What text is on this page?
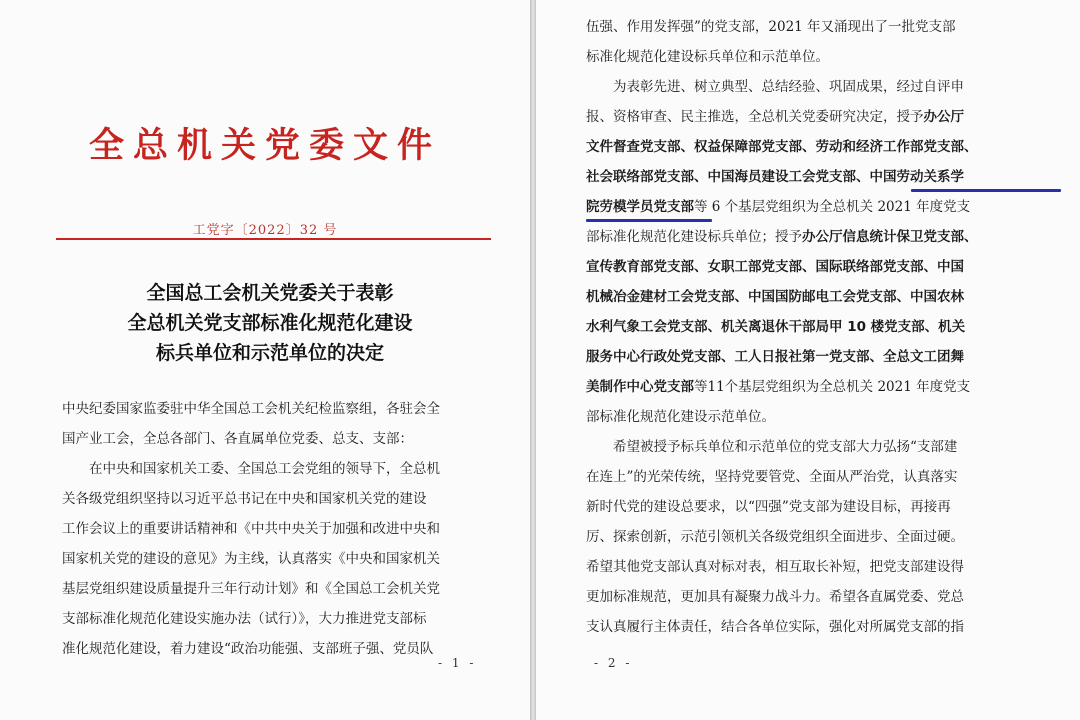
全总机关党委文件
工党字〔2022〕32 号
全国总工会机关党委关于表彰
全总机关党支部标准化规范化建设
标兵单位和示范单位的决定
中央纪委国家监委驻中华全国总工会机关纪检监察组，各驻会全
国产业工会，全总各部门、各直属单位党委、总支、支部：
　　在中央和国家机关工委、全国总工会党组的领导下，全总机
关各级党组织坚持以习近平总书记在中央和国家机关党的建设
工作会议上的重要讲话精神和《中共中央关于加强和改进中央和
国家机关党的建设的意见》为主线，认真落实《中央和国家机关
基层党组织建设质量提升三年行动计划》和《全国总工会机关党
支部标准化规范化建设实施办法（试行）》，大力推进党支部标
准化规范化建设，着力建设“政治功能强、支部班子强、党员队
- 1 -
伍强、作用发挥强”的党支部，2021 年又涌现出了一批党支部
标准化规范化建设标兵单位和示范单位。
　　为表彰先进、树立典型、总结经验、巩固成果，经过自评申
报、资格审查、民主推选，全总机关党委研究决定，授予办公厅
文件督查党支部、权益保障部党支部、劳动和经济工作部党支部、
社会联络部党支部、中国海员建设工会党支部、中国劳动关系学
院劳模学员党支部等 6 个基层党组织为全总机关 2021 年度党支
部标准化规范化建设标兵单位；授予办公厅信息统计保卫党支部、
宣传教育部党支部、女职工部党支部、国际联络部党支部、中国
机械冶金建材工会党支部、中国国防邮电工会党支部、中国农林
水利气象工会党支部、机关离退休干部局甲 10 楼党支部、机关
服务中心行政处党支部、工人日报社第一党支部、全总文工团舞
美制作中心党支部等11个基层党组织为全总机关 2021 年度党支
部标准化规范化建设示范单位。
　　希望被授予标兵单位和示范单位的党支部大力弘扬“支部建
在连上”的光荣传统，坚持党要管党、全面从严治党，认真落实
新时代党的建设总要求，以“四强”党支部为建设目标，再接再
厉、探索创新，示范引领机关各级党组织全面进步、全面过硬。
希望其他党支部认真对标对表，相互取长补短，把党支部建设得
更加标准规范，更加具有凝聚力战斗力。希望各直属党委、党总
支认真履行主体责任，结合各单位实际，强化对所属党支部的指
- 2 -
